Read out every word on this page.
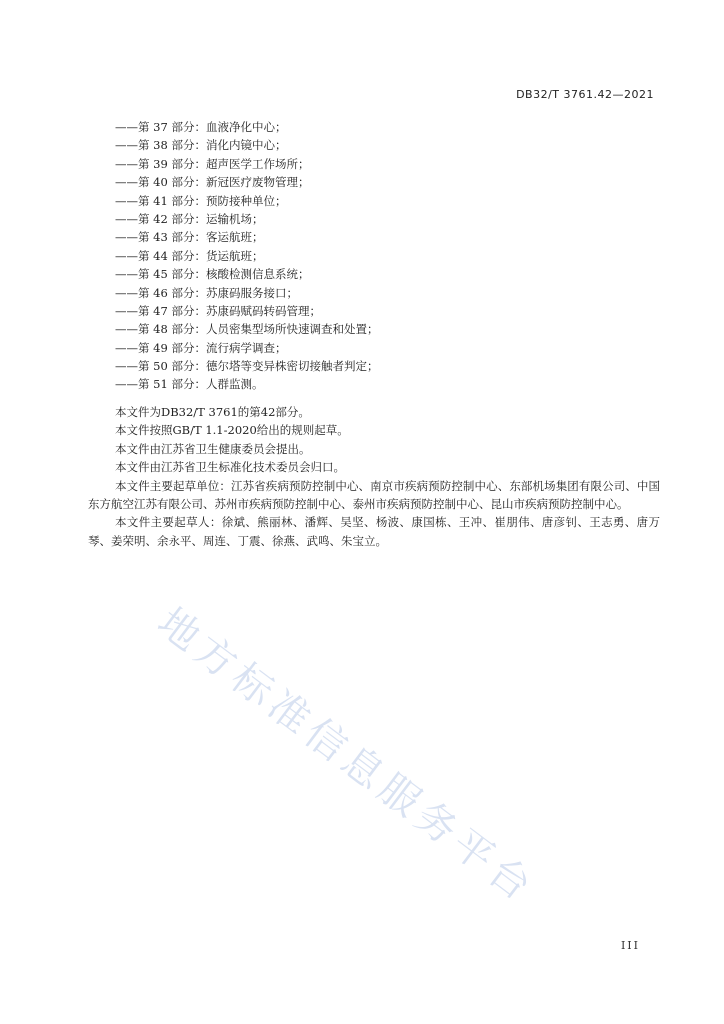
DB32/T 3761.42—2021
——第 37 部分：血液净化中心；
——第 38 部分：消化内镜中心；
——第 39 部分：超声医学工作场所；
——第 40 部分：新冠医疗废物管理；
——第 41 部分：预防接种单位；
——第 42 部分：运输机场；
——第 43 部分：客运航班；
——第 44 部分：货运航班；
——第 45 部分：核酸检测信息系统；
——第 46 部分：苏康码服务接口；
——第 47 部分：苏康码赋码转码管理；
——第 48 部分：人员密集型场所快速调查和处置；
——第 49 部分：流行病学调查；
——第 50 部分：德尔塔等变异株密切接触者判定；
——第 51 部分：人群监测。

本文件为DB32/T 3761的第42部分。

本文件按照GB/T 1.1-2020给出的规则起草。

本文件由江苏省卫生健康委员会提出。

本文件由江苏省卫生标准化技术委员会归口。

本文件主要起草单位：江苏省疾病预防控制中心、南京市疾病预防控制中心、东部机场集团有限公司、中国东方航空江苏有限公司、苏州市疾病预防控制中心、泰州市疾病预防控制中心、昆山市疾病预防控制中心。

本文件主要起草人：徐斌、熊丽林、潘辉、吴坚、杨波、康国栋、王冲、崔朋伟、唐彦钊、王志勇、唐万琴、姜荣明、余永平、周连、丁震、徐燕、武鸣、朱宝立。

地方标准信息服务平台
III
